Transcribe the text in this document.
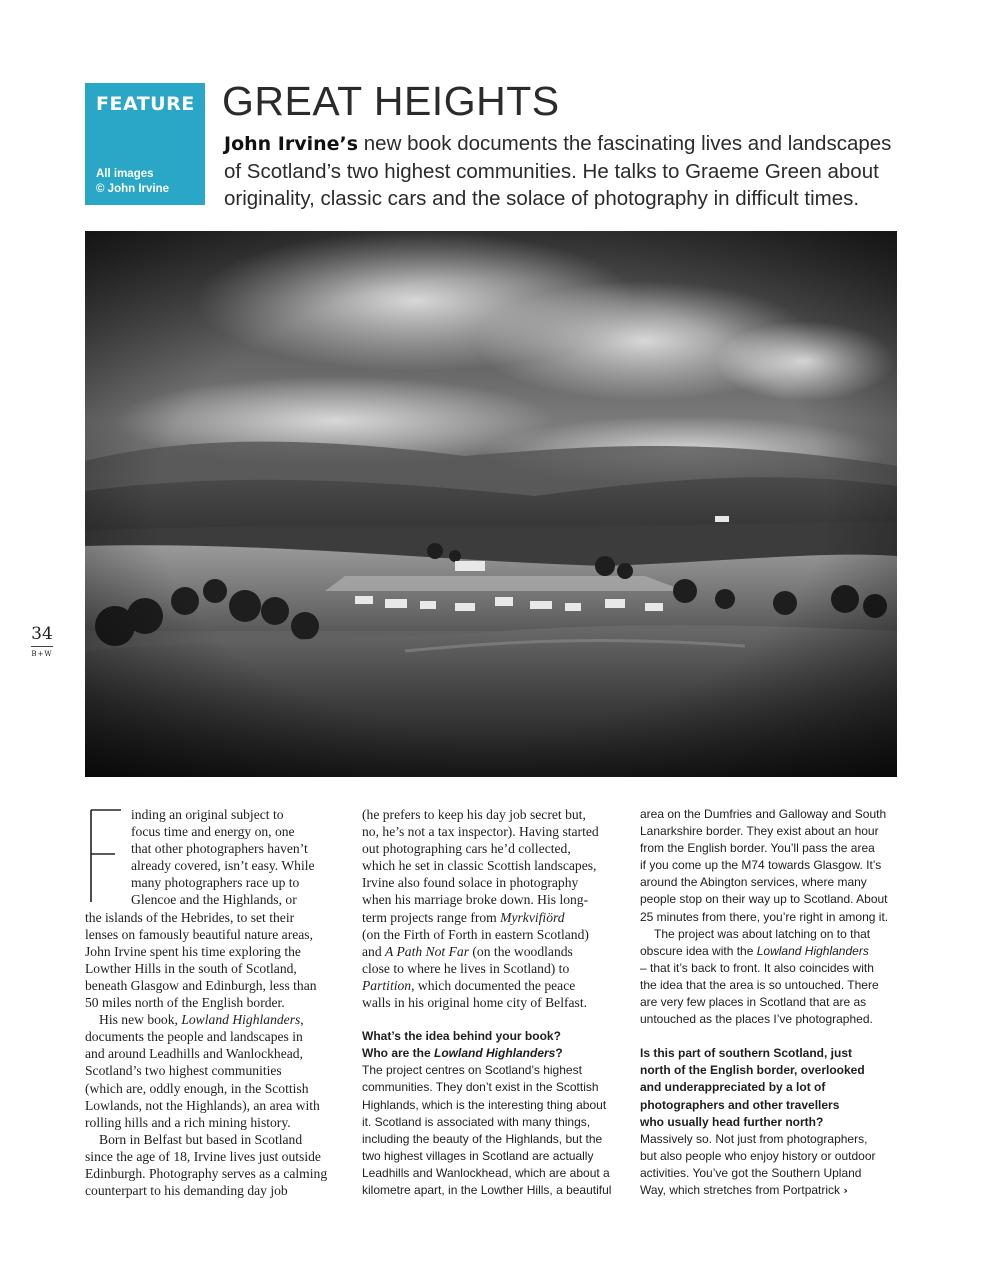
FEATURE
All images
© John Irvine
GREAT HEIGHTS
John Irvine’s new book documents the fascinating lives and landscapes
of Scotland’s two highest communities. He talks to Graeme Green about
originality, classic cars and the solace of photography in difficult times.
34
B+W
inding an original subject to
focus time and energy on, one
that other photographers haven’t
already covered, isn’t easy. While
many photographers race up to
Glencoe and the Highlands, or
the islands of the Hebrides, to set their
lenses on famously beautiful nature areas,
John Irvine spent his time exploring the
Lowther Hills in the south of Scotland,
beneath Glasgow and Edinburgh, less than
50 miles north of the English border.
His new book, Lowland Highlanders,
documents the people and landscapes in
and around Leadhills and Wanlockhead,
Scotland’s two highest communities
(which are, oddly enough, in the Scottish
Lowlands, not the Highlands), an area with
rolling hills and a rich mining history.
Born in Belfast but based in Scotland
since the age of 18, Irvine lives just outside
Edinburgh. Photography serves as a calming
counterpart to his demanding day job
(he prefers to keep his day job secret but,
no, he’s not a tax inspector). Having started
out photographing cars he’d collected,
which he set in classic Scottish landscapes,
Irvine also found solace in photography
when his marriage broke down. His long-
term projects range from Myrkvifiörd
(on the Firth of Forth in eastern Scotland)
and A Path Not Far (on the woodlands
close to where he lives in Scotland) to
Partition, which documented the peace
walls in his original home city of Belfast.
What’s the idea behind your book?
Who are the Lowland Highlanders?
The project centres on Scotland’s highest
communities. They don’t exist in the Scottish
Highlands, which is the interesting thing about
it. Scotland is associated with many things,
including the beauty of the Highlands, but the
two highest villages in Scotland are actually
Leadhills and Wanlockhead, which are about a
kilometre apart, in the Lowther Hills, a beautiful
area on the Dumfries and Galloway and South
Lanarkshire border. They exist about an hour
from the English border. You’ll pass the area
if you come up the M74 towards Glasgow. It’s
around the Abington services, where many
people stop on their way up to Scotland. About
25 minutes from there, you’re right in among it.
The project was about latching on to that
obscure idea with the Lowland Highlanders
– that it’s back to front. It also coincides with
the idea that the area is so untouched. There
are very few places in Scotland that are as
untouched as the places I’ve photographed.
Is this part of southern Scotland, just
north of the English border, overlooked
and underappreciated by a lot of
photographers and other travellers
who usually head further north?
Massively so. Not just from photographers,
but also people who enjoy history or outdoor
activities. You’ve got the Southern Upland
Way, which stretches from Portpatrick ›
